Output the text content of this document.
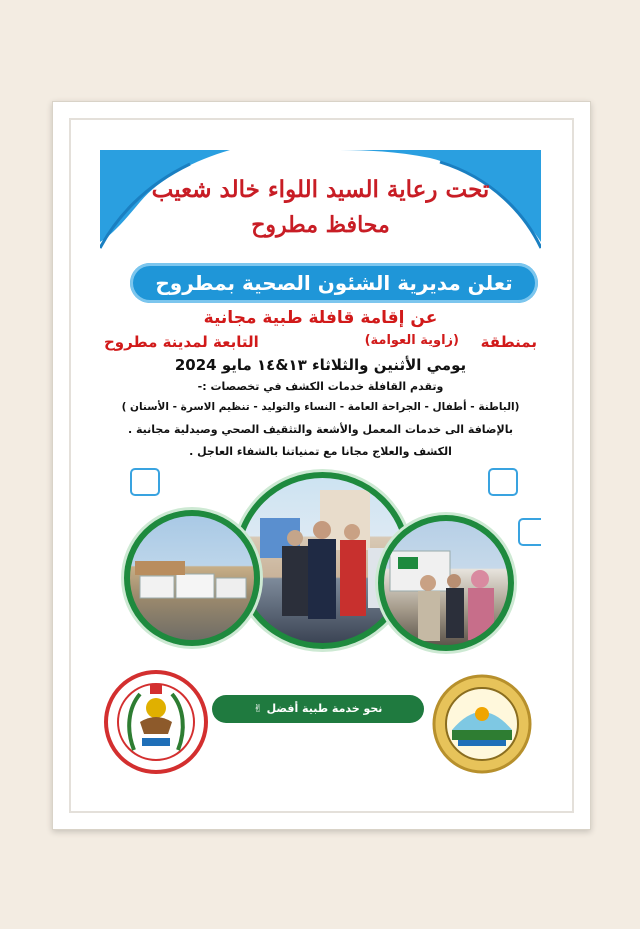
تحت رعاية السيد اللواء خالد شعيب
محافظ مطروح
تعلن مديرية الشئون الصحية بمطروح
عن إقامة قافلة طبية مجانية
بمنطقة
(زاوية العوامة)
التابعة لمدينة مطروح
يومي الأثنين والثلاثاء ١٣&١٤ مايو 2024
وتقدم القافلة خدمات الكشف في تخصصات :-
(الباطنة - أطفال - الجراحة العامة - النساء والتوليد - تنظيم الاسرة - الأسنان )
بالإضافة الى خدمات المعمل والأشعة والتثقيف الصحي وصيدلية مجانية .
الكشف والعلاج مجانا مع تمنياتنا بالشفاء العاجل .
نحو خدمة طبية أفضل ✌
